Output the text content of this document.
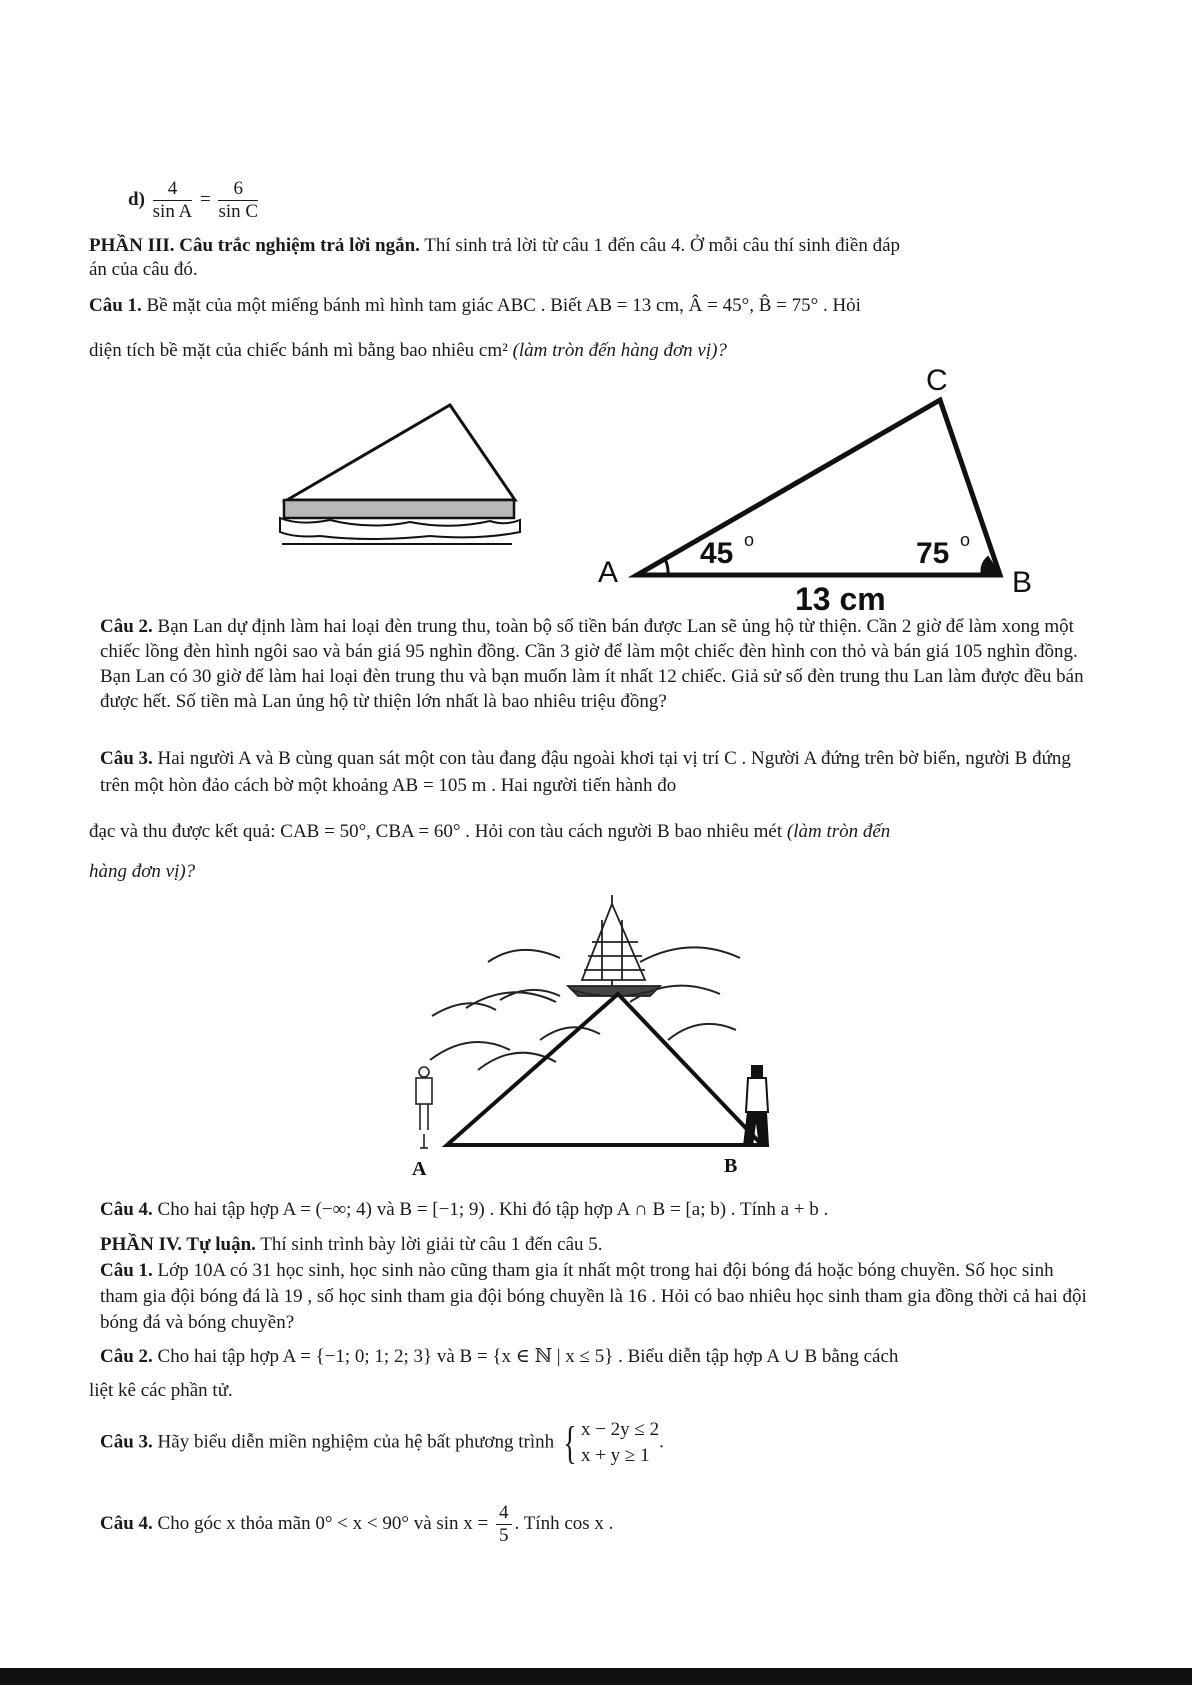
$d) \frac{4}{\text{sin A}} = \frac{6}{\text{sin C}}$
PHẦN III. Câu trắc nghiệm trả lời ngắn. Thí sinh trả lời từ câu 1 đến câu 4. Ở mỗi câu thí sinh điền đáp
án của câu đó.
Câu 1. Bề mặt của một miếng bánh mì hình tam giác ABC . Biết AB = 13 cm, Â = 45°, B̂ = 75° . Hỏi
diện tích bề mặt của chiếc bánh mì bằng bao nhiêu cm² (làm tròn đến hàng đơn vị)?
A	B
C
45 o	75 o
13 cm
Câu 2. Bạn Lan dự định làm hai loại đèn trung thu, toàn bộ số tiền bán được Lan sẽ ủng hộ từ thiện. Cần 2 giờ để làm xong một chiếc lồng đèn hình ngôi sao và bán giá 95 nghìn đồng. Cần 3 giờ để làm một chiếc đèn hình con thỏ và bán giá 105 nghìn đồng. Bạn Lan có 30 giờ để làm hai loại đèn trung thu và bạn muốn làm ít nhất 12 chiếc. Giả sử số đèn trung thu Lan làm được đều bán được hết. Số tiền mà Lan ủng hộ từ thiện lớn nhất là bao nhiêu triệu đồng?
Câu 3. Hai người A và B cùng quan sát một con tàu đang đậu ngoài khơi tại vị trí C . Người A đứng trên bờ biển, người B đứng trên một hòn đảo cách bờ một khoảng AB = 105 m . Hai người tiến hành đo
đạc và thu được kết quả: CAB = 50°, CBA = 60° . Hỏi con tàu cách người B bao nhiêu mét (làm tròn đến
hàng đơn vị)?
A	B
Câu 4. Cho hai tập hợp A = (−∞; 4) và B = [−1; 9) . Khi đó tập hợp A ∩ B = [a; b) . Tính a + b .
PHẦN IV. Tự luận. Thí sinh trình bày lời giải từ câu 1 đến câu 5.
Câu 1. Lớp 10A có 31 học sinh, học sinh nào cũng tham gia ít nhất một trong hai đội bóng đá hoặc bóng chuyền. Số học sinh tham gia đội bóng đá là 19 , số học sinh tham gia đội bóng chuyền là 16 . Hỏi có bao nhiêu học sinh tham gia đồng thời cả hai đội bóng đá và bóng chuyền?
Câu 2. Cho hai tập hợp A = {−1; 0; 1; 2; 3} và B = {x ∈ ℕ | x ≤ 5} . Biểu diễn tập hợp A ∪ B bằng cách
liệt kê các phần tử.
Câu 3. Hãy biểu diễn miền nghiệm của hệ bất phương trình { x − 2y ≤ 2
x + y ≥ 1
.
Câu 4. Cho góc x thỏa mãn 0° < x < 90° và $\sin x = \frac{4}{5}$ . Tính cos x .
